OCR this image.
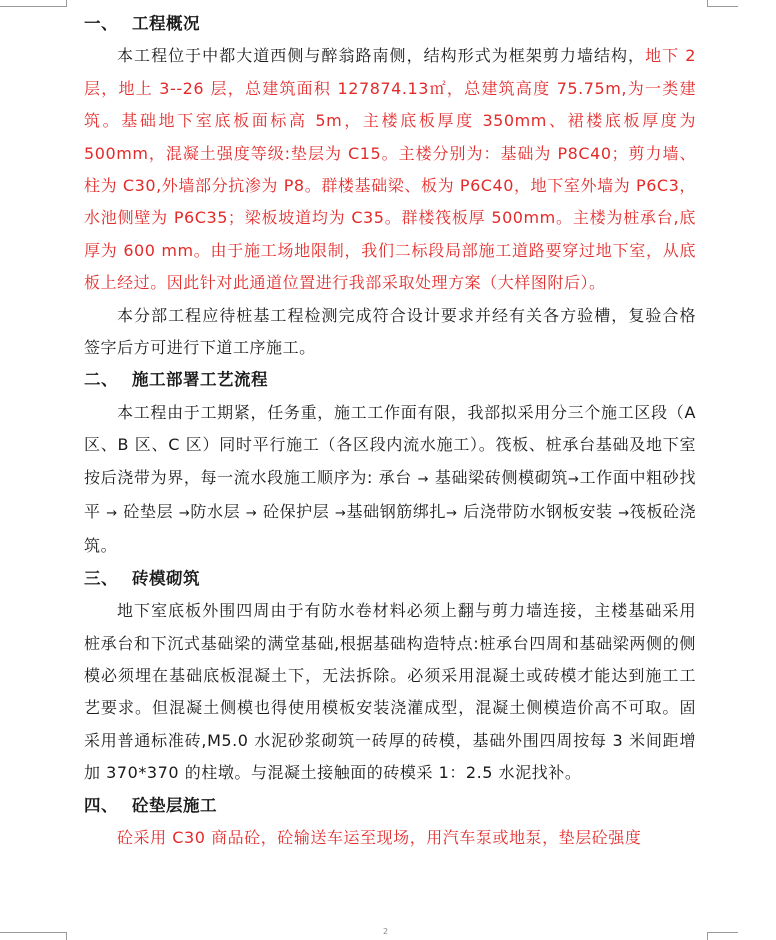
一、 工程概况

本工程位于中都大道西侧与醉翁路南侧，结构形式为框架剪力墙结构，地下 2 层，地上 3--26 层，总建筑面积 127874.13㎡，总建筑高度 75.75m,为一类建筑。基础地下室底板面标高 5m，主楼底板厚度 350mm、裙楼底板厚度为 500mm，混凝土强度等级:垫层为 C15。主楼分别为：基础为 P8C40；剪力墙、柱为 C30,外墙部分抗渗为 P8。群楼基础梁、板为 P6C40，地下室外墙为 P6C3，水池侧壁为 P6C35；梁板坡道均为 C35。群楼筏板厚 500mm。主楼为桩承台,底厚为 600 mm。由于施工场地限制，我们二标段局部施工道路要穿过地下室，从底板上经过。因此针对此通道位置进行我部采取处理方案（大样图附后）。

本分部工程应待桩基工程检测完成符合设计要求并经有关各方验槽，复验合格签字后方可进行下道工序施工。

二、 施工部署工艺流程

本工程由于工期紧，任务重，施工工作面有限，我部拟采用分三个施工区段（A 区、B 区、C 区）同时平行施工（各区段内流水施工）。筏板、桩承台基础及地下室按后浇带为界，每一流水段施工顺序为: 承台 → 基础梁砖侧模砌筑→工作面中粗砂找平 → 砼垫层 →防水层 → 砼保护层 →基础钢筋绑扎→ 后浇带防水钢板安装 →筏板砼浇筑。

三、 砖模砌筑

地下室底板外围四周由于有防水卷材料必须上翻与剪力墙连接，主楼基础采用桩承台和下沉式基础梁的满堂基础,根据基础构造特点:桩承台四周和基础梁两侧的侧模必须埋在基础底板混凝土下，无法拆除。必须采用混凝土或砖模才能达到施工工艺要求。但混凝土侧模也得使用模板安装浇灌成型，混凝土侧模造价高不可取。固采用普通标准砖,M5.0 水泥砂浆砌筑一砖厚的砖模，基础外围四周按每 3 米间距增加 370*370 的柱墩。与混凝土接触面的砖模采 1：2.5 水泥找补。

四、 砼垫层施工

砼采用 C30 商品砼，砼输送车运至现场，用汽车泵或地泵，垫层砼强度

2
